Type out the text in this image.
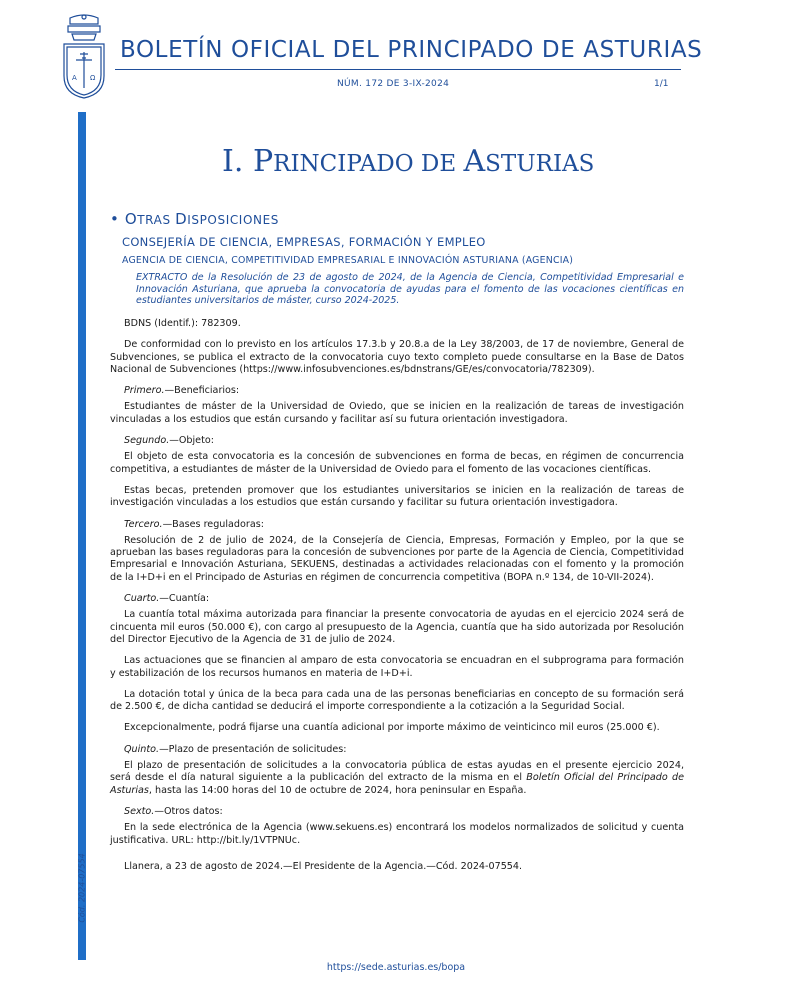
A Ω
BOLETÍN OFICIAL DEL PRINCIPADO DE ASTURIAS
NÚM. 172 DE 3-IX-2024	1/1
Cód. 2024-07554
I. PRINCIPADO DE ASTURIAS
• OTRAS DISPOSICIONES
CONSEJERÍA DE CIENCIA, EMPRESAS, FORMACIÓN Y EMPLEO
AGENCIA DE CIENCIA, COMPETITIVIDAD EMPRESARIAL E INNOVACIÓN ASTURIANA (AGENCIA)
EXTRACTO de la Resolución de 23 de agosto de 2024, de la Agencia de Ciencia, Competitividad Empresarial e Innovación Asturiana, que aprueba la convocatoria de ayudas para el fomento de las vocaciones científicas en estudiantes universitarios de máster, curso 2024-2025.

BDNS (Identif.): 782309.

De conformidad con lo previsto en los artículos 17.3.b y 20.8.a de la Ley 38/2003, de 17 de noviembre, General de Subvenciones, se publica el extracto de la convocatoria cuyo texto completo puede consultarse en la Base de Datos Nacional de Subvenciones (https://www.infosubvenciones.es/bdnstrans/GE/es/convocatoria/782309).

Primero.—Beneficiarios:

Estudiantes de máster de la Universidad de Oviedo, que se inicien en la realización de tareas de investigación vinculadas a los estudios que están cursando y facilitar así su futura orientación investigadora.

Segundo.—Objeto:

El objeto de esta convocatoria es la concesión de subvenciones en forma de becas, en régimen de concurrencia competitiva, a estudiantes de máster de la Universidad de Oviedo para el fomento de las vocaciones científicas.

Estas becas, pretenden promover que los estudiantes universitarios se inicien en la realización de tareas de investigación vinculadas a los estudios que están cursando y facilitar su futura orientación investigadora.

Tercero.—Bases reguladoras:

Resolución de 2 de julio de 2024, de la Consejería de Ciencia, Empresas, Formación y Empleo, por la que se aprueban las bases reguladoras para la concesión de subvenciones por parte de la Agencia de Ciencia, Competitividad Empresarial e Innovación Asturiana, SEKUENS, destinadas a actividades relacionadas con el fomento y la promoción de la I+D+i en el Principado de Asturias en régimen de concurrencia competitiva (BOPA n.º 134, de 10-VII-2024).

Cuarto.—Cuantía:

La cuantía total máxima autorizada para financiar la presente convocatoria de ayudas en el ejercicio 2024 será de cincuenta mil euros (50.000 €), con cargo al presupuesto de la Agencia, cuantía que ha sido autorizada por Resolución del Director Ejecutivo de la Agencia de 31 de julio de 2024.

Las actuaciones que se financien al amparo de esta convocatoria se encuadran en el subprograma para formación y estabilización de los recursos humanos en materia de I+D+i.

La dotación total y única de la beca para cada una de las personas beneficiarias en concepto de su formación será de 2.500 €, de dicha cantidad se deducirá el importe correspondiente a la cotización a la Seguridad Social.

Excepcionalmente, podrá fijarse una cuantía adicional por importe máximo de veinticinco mil euros (25.000 €).

Quinto.—Plazo de presentación de solicitudes:

El plazo de presentación de solicitudes a la convocatoria pública de estas ayudas en el presente ejercicio 2024, será desde el día natural siguiente a la publicación del extracto de la misma en el Boletín Oficial del Principado de Asturias, hasta las 14:00 horas del 10 de octubre de 2024, hora peninsular en España.

Sexto.—Otros datos:

En la sede electrónica de la Agencia (www.sekuens.es) encontrará los modelos normalizados de solicitud y cuenta justificativa. URL: http://bit.ly/1VTPNUc.

Llanera, a 23 de agosto de 2024.—El Presidente de la Agencia.—Cód. 2024-07554.

https://sede.asturias.es/bopa
